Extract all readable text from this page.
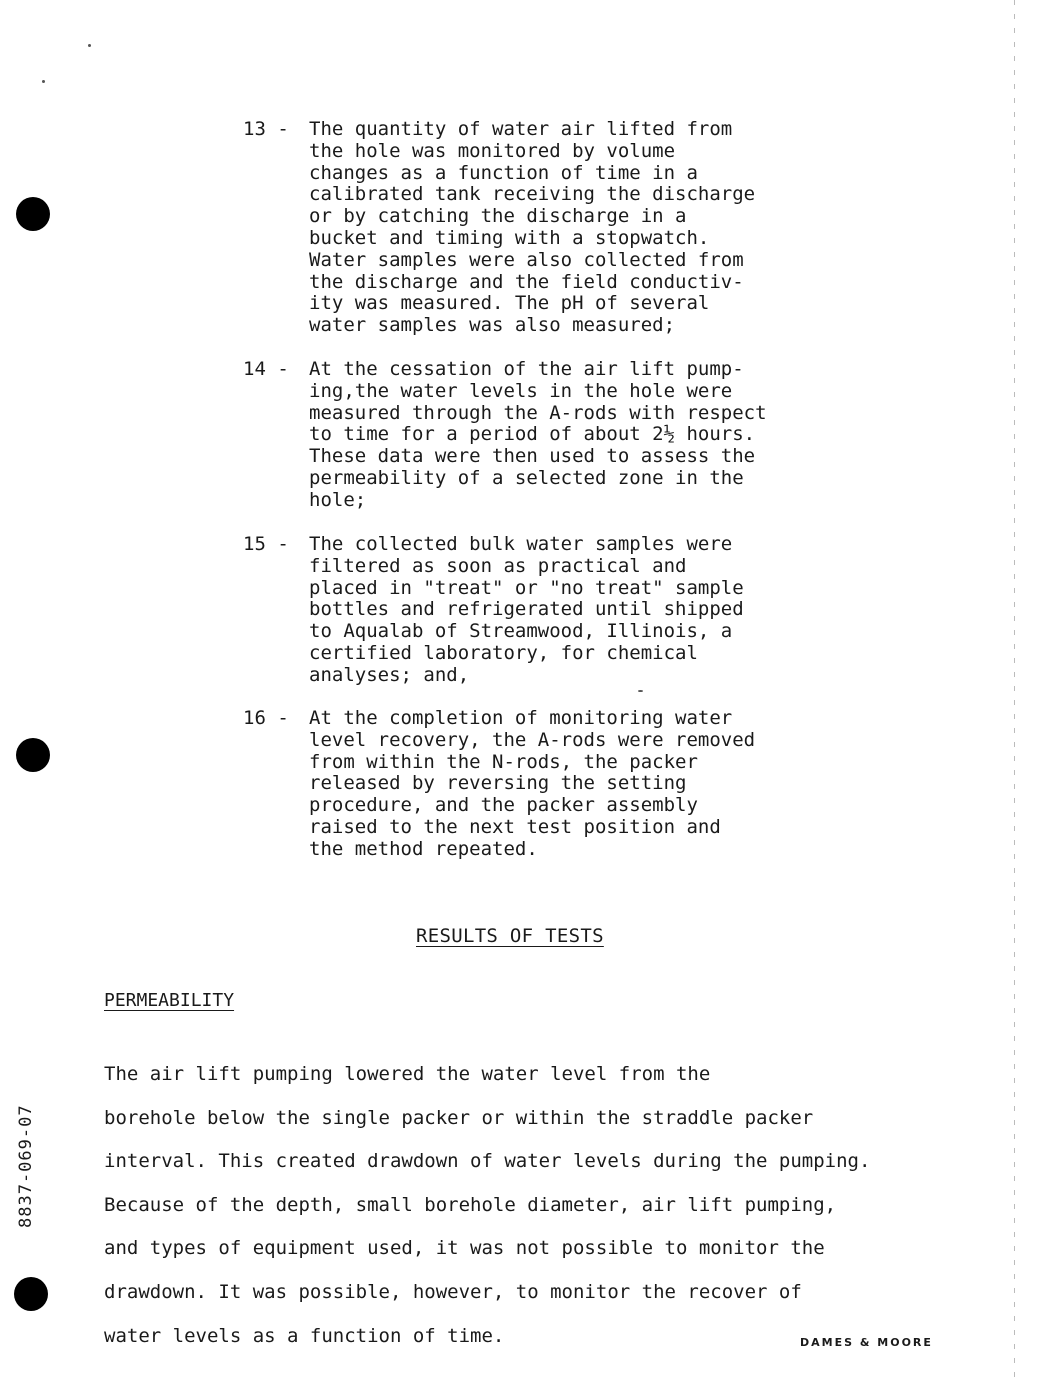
13 - The quantity of water air lifted from
the hole was monitored by volume
changes as a function of time in a
calibrated tank receiving the discharge
or by catching the discharge in a
bucket and timing with a stopwatch.
Water samples were also collected from
the discharge and the field conductiv-
ity was measured. The pH of several
water samples was also measured;
14 - At the cessation of the air lift pump-
ing,the water levels in the hole were
measured through the A-rods with respect
to time for a period of about 2½ hours.
These data were then used to assess the
permeability of a selected zone in the
hole;
15 - The collected bulk water samples were
filtered as soon as practical and
placed in "treat" or "no treat" sample
bottles and refrigerated until shipped
to Aqualab of Streamwood, Illinois, a
certified laboratory, for chemical
analyses; and,
16 - At the completion of monitoring water
level recovery, the A-rods were removed
from within the N-rods, the packer
released by reversing the setting
procedure, and the packer assembly
raised to the next test position and
the method repeated.
RESULTS OF TESTS
PERMEABILITY
The air lift pumping lowered the water level from the
borehole below the single packer or within the straddle packer
interval. This created drawdown of water levels during the pumping.
Because of the depth, small borehole diameter, air lift pumping,
and types of equipment used, it was not possible to monitor the
drawdown. It was possible, however, to monitor the recover of
water levels as a function of time.
8837-069-07
DAMES & MOORE
